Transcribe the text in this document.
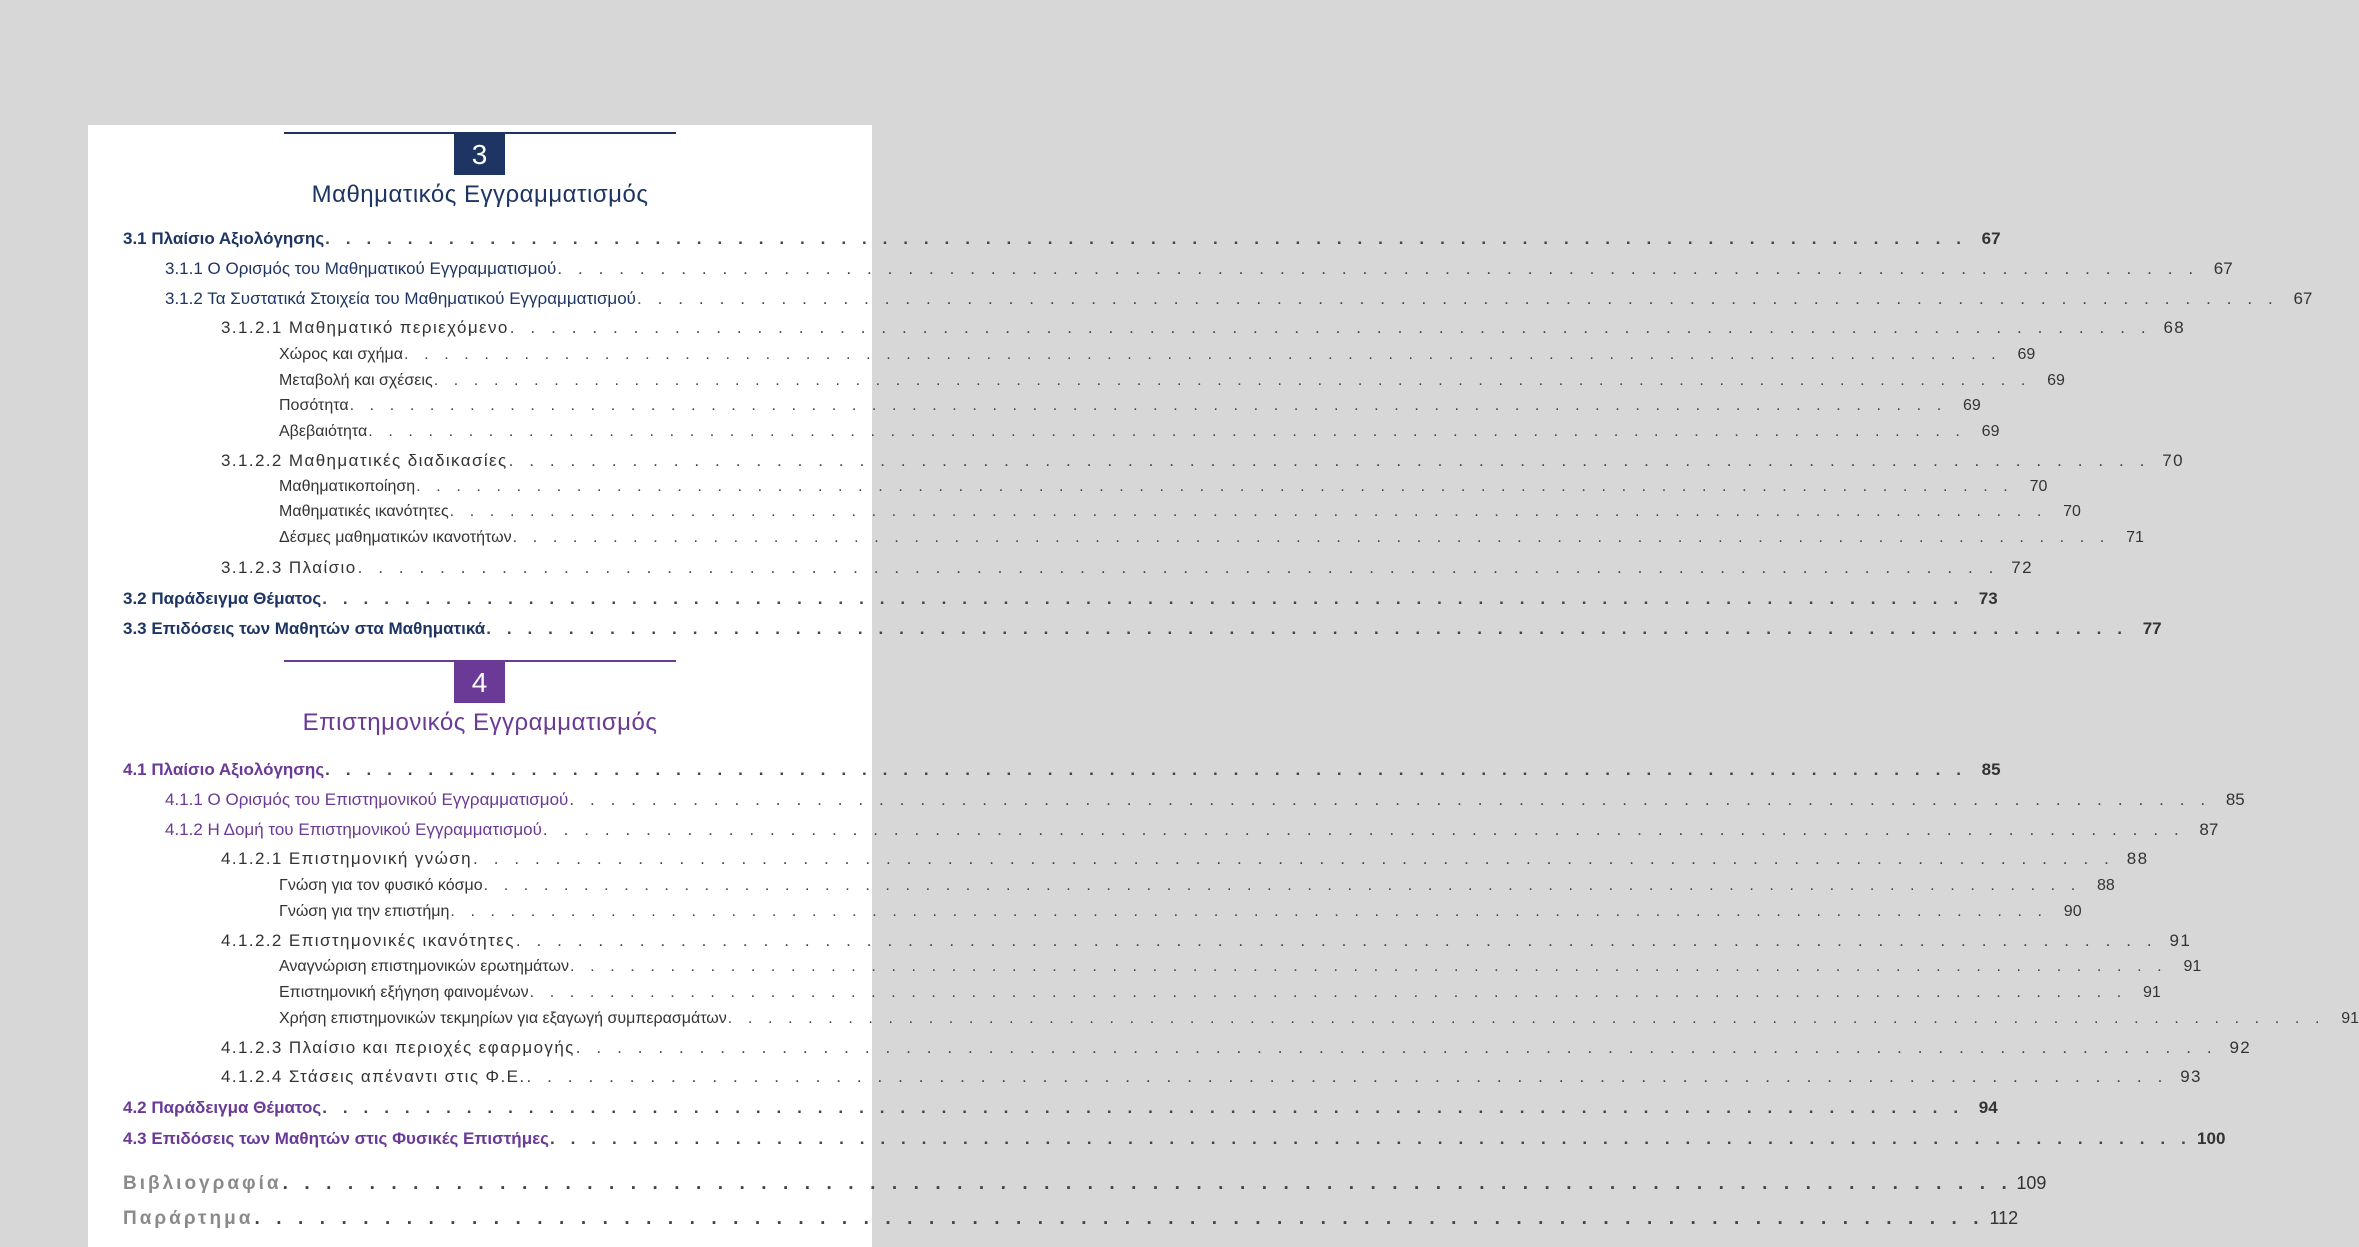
3
Μαθηματικός Εγγραμματισμός
3.1 Πλαίσιο Αξιολόγησης . . . . . . . . . . . . . . . . . . . . . . . . . . . . . . . . . . . . . . . . . . . . . . . . . . . . . . . . . . . . . . . . . . . . . . . . . . . . . . . . 67
3.1.1 Ο Ορισμός του Μαθηματικού Εγγραμματισμού . . . . . . . . . . . . . . . . . . . . . . . . . . . . . . . . . . . . . . . . . . . . . . . . . . . . . . . . . . . . . . . . . . . . . . . . . . . . . . . . 67
3.1.2 Τα Συστατικά Στοιχεία του Μαθηματικού Εγγραμματισμού . . . . . . . . . . . . . . . . . . . . . . . . . . . . . . . . . . . . . . . . . . . . . . . . . . . . . . . . . . . . . . . . . . . . . . . . . . . . . . . . 67
3.1.2.1 Μαθηματικό περιεχόμενο . . . . . . . . . . . . . . . . . . . . . . . . . . . . . . . . . . . . . . . . . . . . . . . . . . . . . . . . . . . . . . . . . . . . . . . . . . . . . . . . 68
Χώρος και σχήμα . . . . . . . . . . . . . . . . . . . . . . . . . . . . . . . . . . . . . . . . . . . . . . . . . . . . . . . . . . . . . . . . . . . . . . . . . . . . . . . .	69
Μεταβολή και σχέσεις . . . . . . . . . . . . . . . . . . . . . . . . . . . . . . . . . . . . . . . . . . . . . . . . . . . . . . . . . . . . . . . . . . . . . . . . . . . . . . . .	69
Ποσότητα . . . . . . . . . . . . . . . . . . . . . . . . . . . . . . . . . . . . . . . . . . . . . . . . . . . . . . . . . . . . . . . . . . . . . . . . . . . . . . . .	69
Αβεβαιότητα . . . . . . . . . . . . . . . . . . . . . . . . . . . . . . . . . . . . . . . . . . . . . . . . . . . . . . . . . . . . . . . . . . . . . . . . . . . . . . . .	69
3.1.2.2 Μαθηματικές διαδικασίες . . . . . . . . . . . . . . . . . . . . . . . . . . . . . . . . . . . . . . . . . . . . . . . . . . . . . . . . . . . . . . . . . . . . . . . . . . . . . . . . 70
Μαθηματικοποίηση . . . . . . . . . . . . . . . . . . . . . . . . . . . . . . . . . . . . . . . . . . . . . . . . . . . . . . . . . . . . . . . . . . . . . . . . . . . . . . . .	70
Μαθηματικές ικανότητες . . . . . . . . . . . . . . . . . . . . . . . . . . . . . . . . . . . . . . . . . . . . . . . . . . . . . . . . . . . . . . . . . . . . . . . . . . . . . . . .	70
Δέσμες μαθηματικών ικανοτήτων . . . . . . . . . . . . . . . . . . . . . . . . . . . . . . . . . . . . . . . . . . . . . . . . . . . . . . . . . . . . . . . . . . . . . . . . . . . . . . . .	71
3.1.2.3 Πλαίσιο . . . . . . . . . . . . . . . . . . . . . . . . . . . . . . . . . . . . . . . . . . . . . . . . . . . . . . . . . . . . . . . . . . . . . . . . . . . . . . . . 72
3.2 Παράδειγμα Θέματος . . . . . . . . . . . . . . . . . . . . . . . . . . . . . . . . . . . . . . . . . . . . . . . . . . . . . . . . . . . . . . . . . . . . . . . . . . . . . . . . 73
3.3 Επιδόσεις των Μαθητών στα Μαθηματικά . . . . . . . . . . . . . . . . . . . . . . . . . . . . . . . . . . . . . . . . . . . . . . . . . . . . . . . . . . . . . . . . . . . . . . . . . . . . . . . . 77
4
Επιστημονικός Εγγραμματισμός
4.1 Πλαίσιο Αξιολόγησης . . . . . . . . . . . . . . . . . . . . . . . . . . . . . . . . . . . . . . . . . . . . . . . . . . . . . . . . . . . . . . . . . . . . . . . . . . . . . . . . 85
4.1.1 Ο Ορισμός του Επιστημονικού Εγγραμματισμού . . . . . . . . . . . . . . . . . . . . . . . . . . . . . . . . . . . . . . . . . . . . . . . . . . . . . . . . . . . . . . . . . . . . . . . . . . . . . . . . 85
4.1.2 Η Δομή του Επιστημονικού Εγγραμματισμού . . . . . . . . . . . . . . . . . . . . . . . . . . . . . . . . . . . . . . . . . . . . . . . . . . . . . . . . . . . . . . . . . . . . . . . . . . . . . . . . 87
4.1.2.1 Επιστημονική γνώση . . . . . . . . . . . . . . . . . . . . . . . . . . . . . . . . . . . . . . . . . . . . . . . . . . . . . . . . . . . . . . . . . . . . . . . . . . . . . . . . 88
Γνώση για τον φυσικό κόσμο . . . . . . . . . . . . . . . . . . . . . . . . . . . . . . . . . . . . . . . . . . . . . . . . . . . . . . . . . . . . . . . . . . . . . . . . . . . . . . . .	88
Γνώση για την επιστήμη . . . . . . . . . . . . . . . . . . . . . . . . . . . . . . . . . . . . . . . . . . . . . . . . . . . . . . . . . . . . . . . . . . . . . . . . . . . . . . . .	90
4.1.2.2 Επιστημονικές ικανότητες . . . . . . . . . . . . . . . . . . . . . . . . . . . . . . . . . . . . . . . . . . . . . . . . . . . . . . . . . . . . . . . . . . . . . . . . . . . . . . . . 91
Αναγνώριση επιστημονικών ερωτημάτων . . . . . . . . . . . . . . . . . . . . . . . . . . . . . . . . . . . . . . . . . . . . . . . . . . . . . . . . . . . . . . . . . . . . . . . . . . . . . . . .	91
Επιστημονική εξήγηση φαινομένων . . . . . . . . . . . . . . . . . . . . . . . . . . . . . . . . . . . . . . . . . . . . . . . . . . . . . . . . . . . . . . . . . . . . . . . . . . . . . . . .	91
Χρήση επιστημονικών τεκμηρίων για εξαγωγή συμπερασμάτων . . . . . . . . . . . . . . . . . . . . . . . . . . . . . . . . . . . . . . . . . . . . . . . . . . . . . . . . . . . . . . . . . . . . . . . . . . . . . . . .	91
4.1.2.3 Πλαίσιο και περιοχές εφαρμογής . . . . . . . . . . . . . . . . . . . . . . . . . . . . . . . . . . . . . . . . . . . . . . . . . . . . . . . . . . . . . . . . . . . . . . . . . . . . . . . . 92
4.1.2.4 Στάσεις απέναντι στις Φ.Ε. . . . . . . . . . . . . . . . . . . . . . . . . . . . . . . . . . . . . . . . . . . . . . . . . . . . . . . . . . . . . . . . . . . . . . . . . . . . . . . . . 93
4.2 Παράδειγμα Θέματος . . . . . . . . . . . . . . . . . . . . . . . . . . . . . . . . . . . . . . . . . . . . . . . . . . . . . . . . . . . . . . . . . . . . . . . . . . . . . . . . 94
4.3 Επιδόσεις των Μαθητών στις Φυσικές Επιστήμες . . . . . . . . . . . . . . . . . . . . . . . . . . . . . . . . . . . . . . . . . . . . . . . . . . . . . . . . . . . . . . . . . . . . . . . . . . . . . . . . 100
Βιβλιογραφία . . . . . . . . . . . . . . . . . . . . . . . . . . . . . . . . . . . . . . . . . . . . . . . . . . . . . . . . . . . . . . . . . . . . . . . . . . . . . . . . 109
Παράρτημα . . . . . . . . . . . . . . . . . . . . . . . . . . . . . . . . . . . . . . . . . . . . . . . . . . . . . . . . . . . . . . . . . . . . . . . . . . . . . . . . 112
